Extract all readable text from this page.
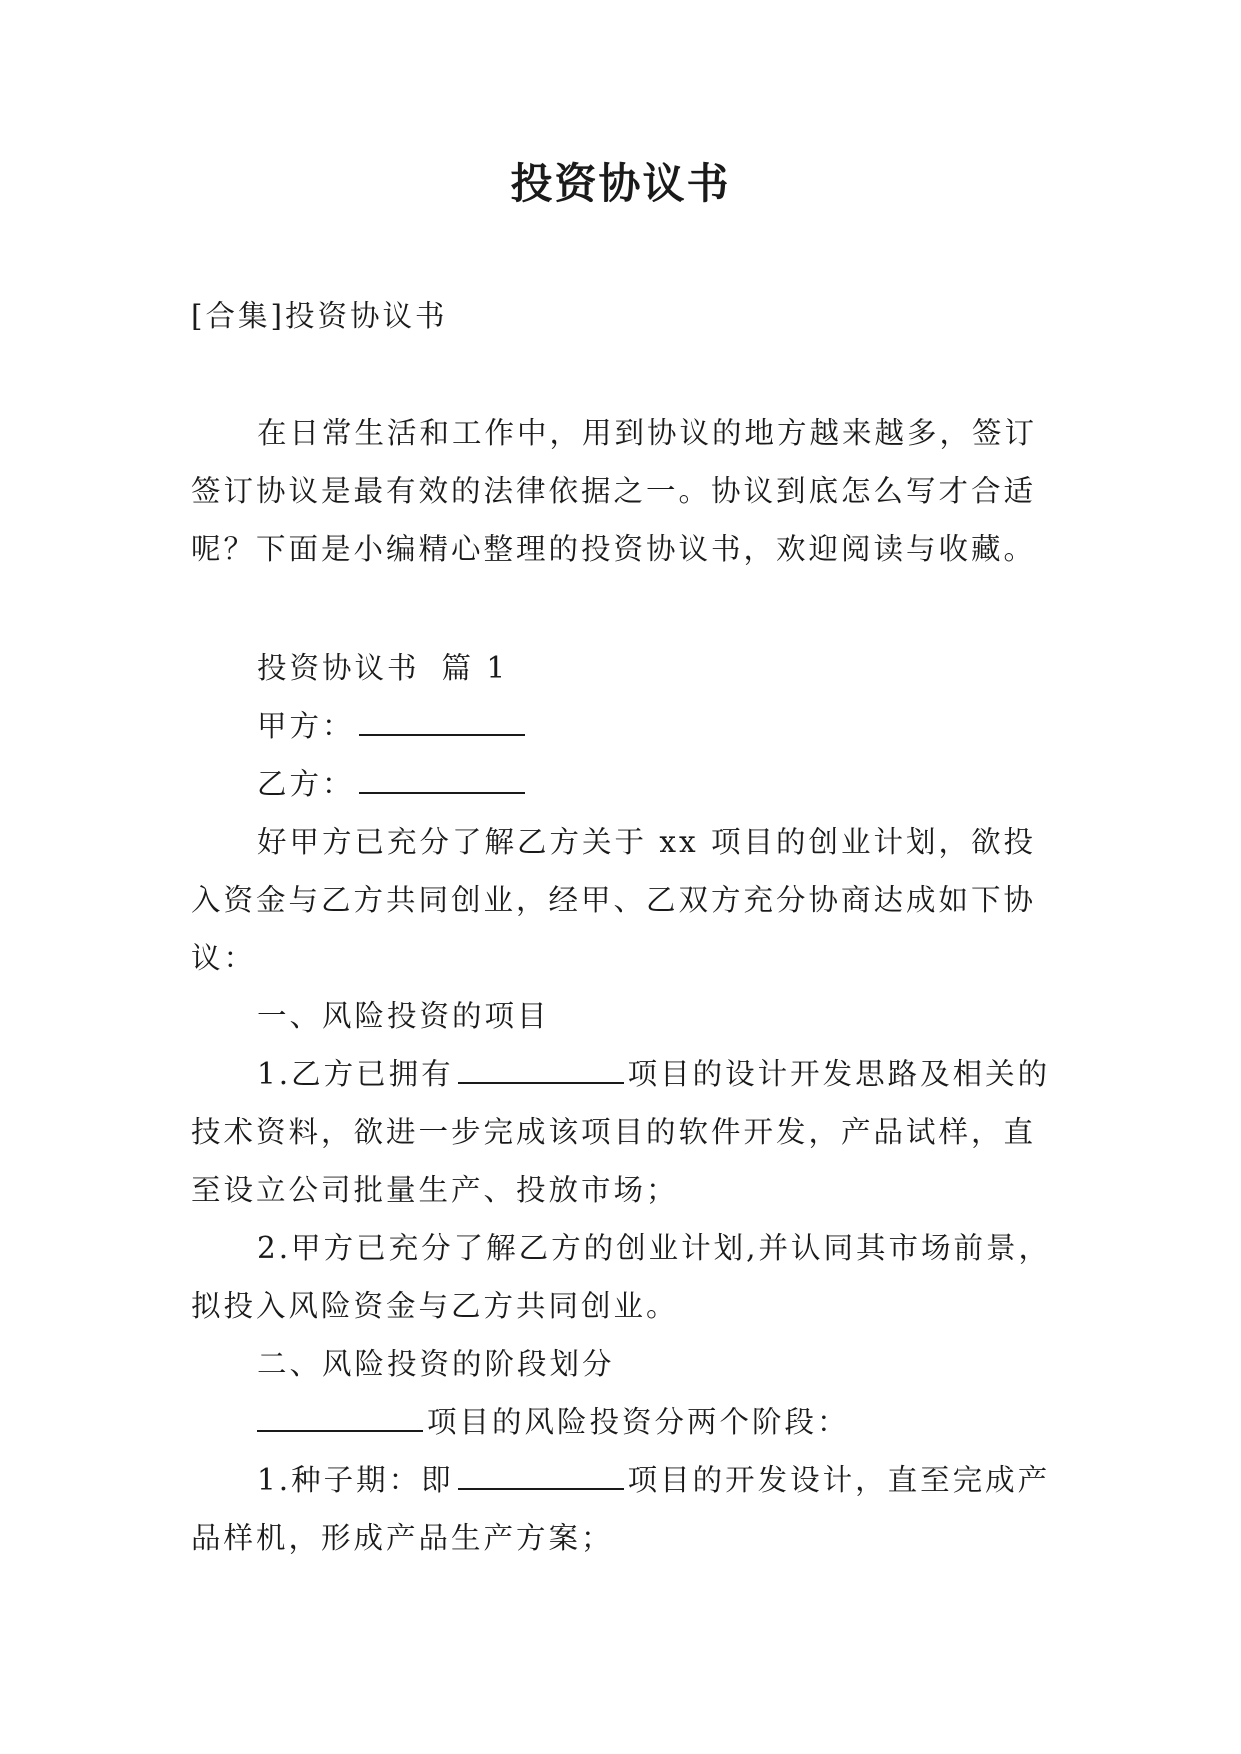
投资协议书
[合集]投资协议书
在日常生活和工作中，用到协议的地方越来越多，签订
签订协议是最有效的法律依据之一。协议到底怎么写才合适
呢？下面是小编精心整理的投资协议书，欢迎阅读与收藏。
投资协议书 篇 1
甲方：
乙方：
好甲方已充分了解乙方关于 xx 项目的创业计划，欲投
入资金与乙方共同创业，经甲、乙双方充分协商达成如下协
议：
一、风险投资的项目
1.乙方已拥有	项目的设计开发思路及相关的
技术资料，欲进一步完成该项目的软件开发，产品试样，直
至设立公司批量生产、投放市场；
2.甲方已充分了解乙方的创业计划,并认同其市场前景，
拟投入风险资金与乙方共同创业。
二、风险投资的阶段划分
项目的风险投资分两个阶段：
1.种子期：即	项目的开发设计，直至完成产
品样机，形成产品生产方案；
